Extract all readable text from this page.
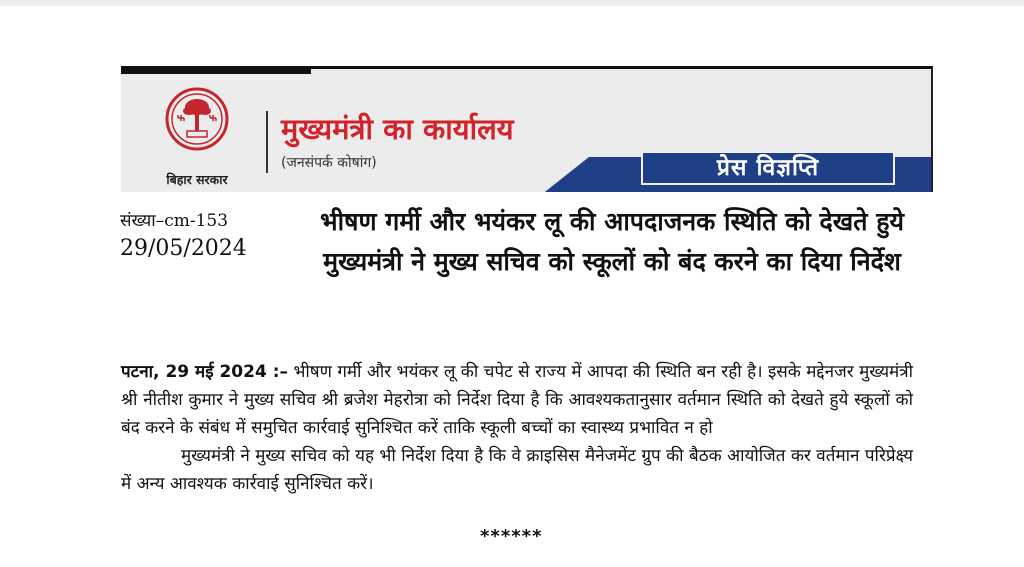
बिहार सरकार
मुख्यमंत्री का कार्यालय
(जनसंपर्क कोषांग)	प्रेस विज्ञप्ति
संख्या–cm-153
29/05/2024
भीषण गर्मी और भयंकर लू की आपदाजनक स्थिति को देखते हुये मुख्यमंत्री ने मुख्य सचिव को स्कूलों को बंद करने का दिया निर्देश

पटना, 29 मई 2024 :– भीषण गर्मी और भयंकर लू की चपेट से राज्य में आपदा की स्थिति बन रही है। इसके मद्देनजर मुख्यमंत्री श्री नीतीश कुमार ने मुख्य सचिव श्री ब्रजेश मेहरोत्रा को निर्देश दिया है कि आवश्यकतानुसार वर्तमान स्थिति को देखते हुये स्कूलों को बंद करने के संबंध में समुचित कार्रवाई सुनिश्चित करें ताकि स्कूली बच्चों का स्वास्थ्य प्रभावित न हो

मुख्यमंत्री ने मुख्य सचिव को यह भी निर्देश दिया है कि वे क्राइसिस मैनेजमेंट ग्रुप की बैठक आयोजित कर वर्तमान परिप्रेक्ष्य में अन्य आवश्यक कार्रवाई सुनिश्चित करें।

******
